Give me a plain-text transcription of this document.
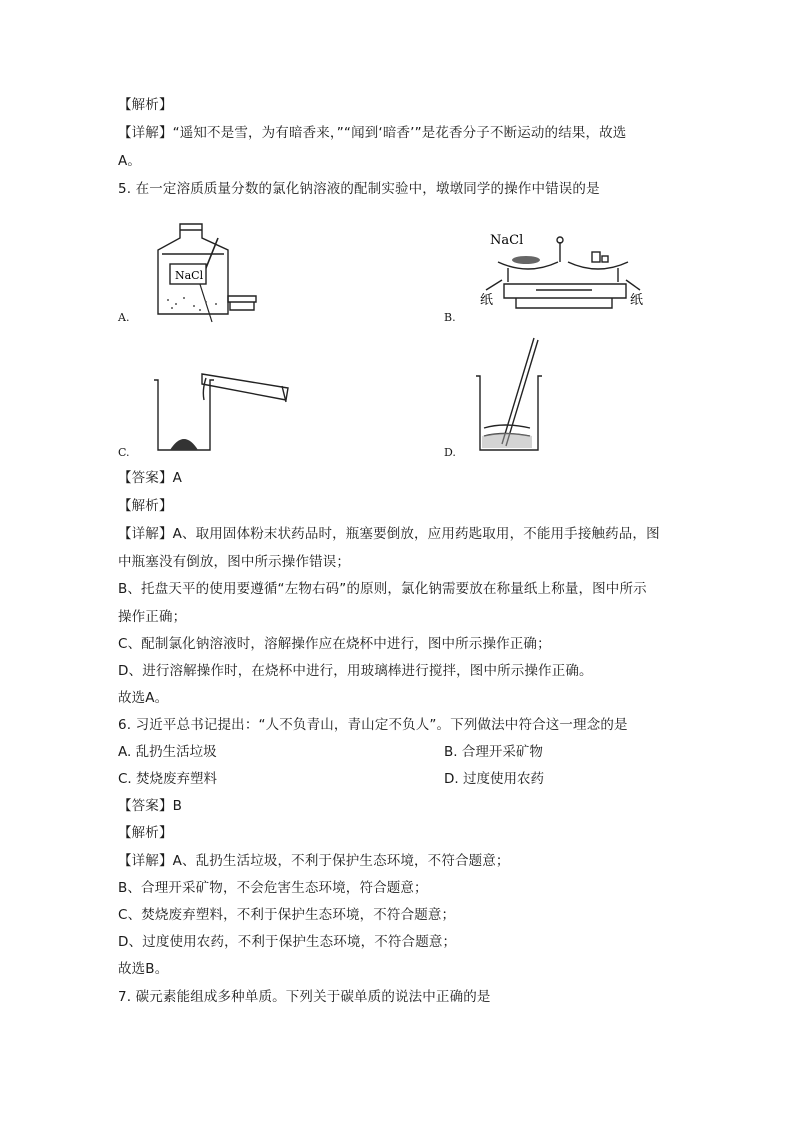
【解析】
【详解】“遥知不是雪，为有暗香来，”“闻到‘暗香’”是花香分子不断运动的结果，故选
A。
5. 在一定溶质质量分数的氯化钠溶液的配制实验中，墩墩同学的操作中错误的是
NaCl
A.
NaCl
纸	纸
B.
C.	D.
【答案】A
【解析】
【详解】A、取用固体粉末状药品时，瓶塞要倒放，应用药匙取用，不能用手接触药品，图
中瓶塞没有倒放，图中所示操作错误；
B、托盘天平的使用要遵循“左物右码”的原则，氯化钠需要放在称量纸上称量，图中所示
操作正确；
C、配制氯化钠溶液时，溶解操作应在烧杯中进行，图中所示操作正确；
D、进行溶解操作时，在烧杯中进行，用玻璃棒进行搅拌，图中所示操作正确。
故选A。
6. 习近平总书记提出：“人不负青山，青山定不负人”。下列做法中符合这一理念的是
A. 乱扔生活垃圾	B. 合理开采矿物
C. 焚烧废弃塑料	D. 过度使用农药
【答案】B
【解析】
【详解】A、乱扔生活垃圾，不利于保护生态环境，不符合题意；
B、合理开采矿物，不会危害生态环境，符合题意；
C、焚烧废弃塑料，不利于保护生态环境，不符合题意；
D、过度使用农药，不利于保护生态环境，不符合题意；
故选B。
7. 碳元素能组成多种单质。下列关于碳单质的说法中正确的是
